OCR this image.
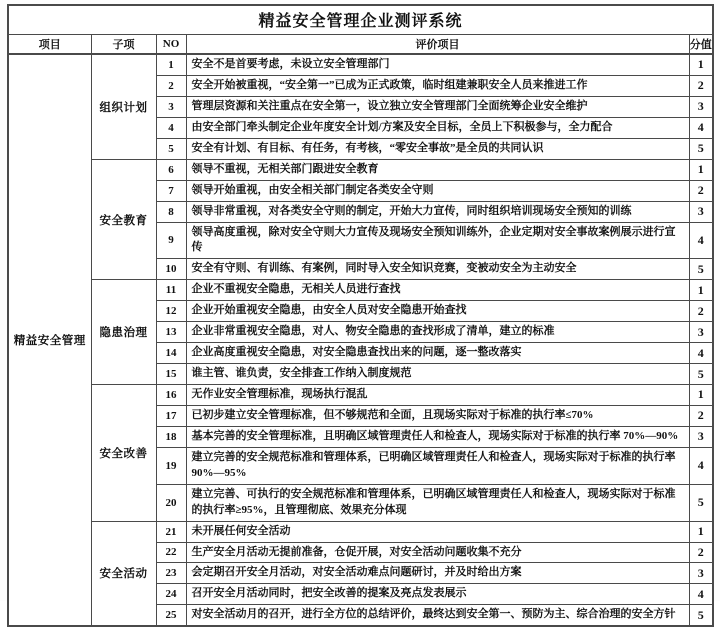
精益安全管理企业测评系统				
项目	子项	NO	评价项目	分值
精益安全管理	组织计划	1	安全不是首要考虑，未设立安全管理部门	1
		2	安全开始被重视，“安全第一”已成为正式政策，临时组建兼职安全人员来推进工作	2
		3	管理层资源和关注重点在安全第一，设立独立安全管理部门全面统筹企业安全维护	3
		4	由安全部门牵头制定企业年度安全计划/方案及安全目标，全员上下积极参与，全力配合	4
		5	安全有计划、有目标、有任务，有考核，“零安全事故”是全员的共同认识	5
	安全教育	6	领导不重视，无相关部门跟进安全教育	1
		7	领导开始重视，由安全相关部门制定各类安全守则	2
		8	领导非常重视，对各类安全守则的制定，开始大力宣传，同时组织培训现场安全预知的训练	3
		9	领导高度重视，除对安全守则大力宣传及现场安全预知训练外，企业定期对安全事故案例展示进行宣传	4
		10	安全有守则、有训练、有案例，同时导入安全知识竞赛，变被动安全为主动安全	5
	隐患治理	11	企业不重视安全隐患，无相关人员进行查找	1
		12	企业开始重视安全隐患，由安全人员对安全隐患开始查找	2
		13	企业非常重视安全隐患，对人、物安全隐患的查找形成了清单，建立的标准	3
		14	企业高度重视安全隐患，对安全隐患查找出来的问题，逐一整改落实	4
		15	谁主管、谁负责，安全排查工作纳入制度规范	5
	安全改善	16	无作业安全管理标准，现场执行混乱	1
		17	已初步建立安全管理标准，但不够规范和全面，且现场实际对于标准的执行率≤70%	2
		18	基本完善的安全管理标准，且明确区域管理责任人和检查人，现场实际对于标准的执行率 70%—90%	3
		19	建立完善的安全规范标准和管理体系，已明确区域管理责任人和检查人，现场实际对于标准的执行率 90%—95%	4
		20	建立完善、可执行的安全规范标准和管理体系，已明确区域管理责任人和检查人，现场实际对于标准的执行率≥95%，且管理彻底、效果充分体现	5
	安全活动	21	未开展任何安全活动	1
		22	生产安全月活动无提前准备，仓促开展，对安全活动问题收集不充分	2
		23	会定期召开安全月活动，对安全活动难点问题研讨，并及时给出方案	3
		24	召开安全月活动同时，把安全改善的提案及亮点发表展示	4
		25	对安全活动月的召开，进行全方位的总结评价，最终达到安全第一、预防为主、综合治理的安全方针	5
